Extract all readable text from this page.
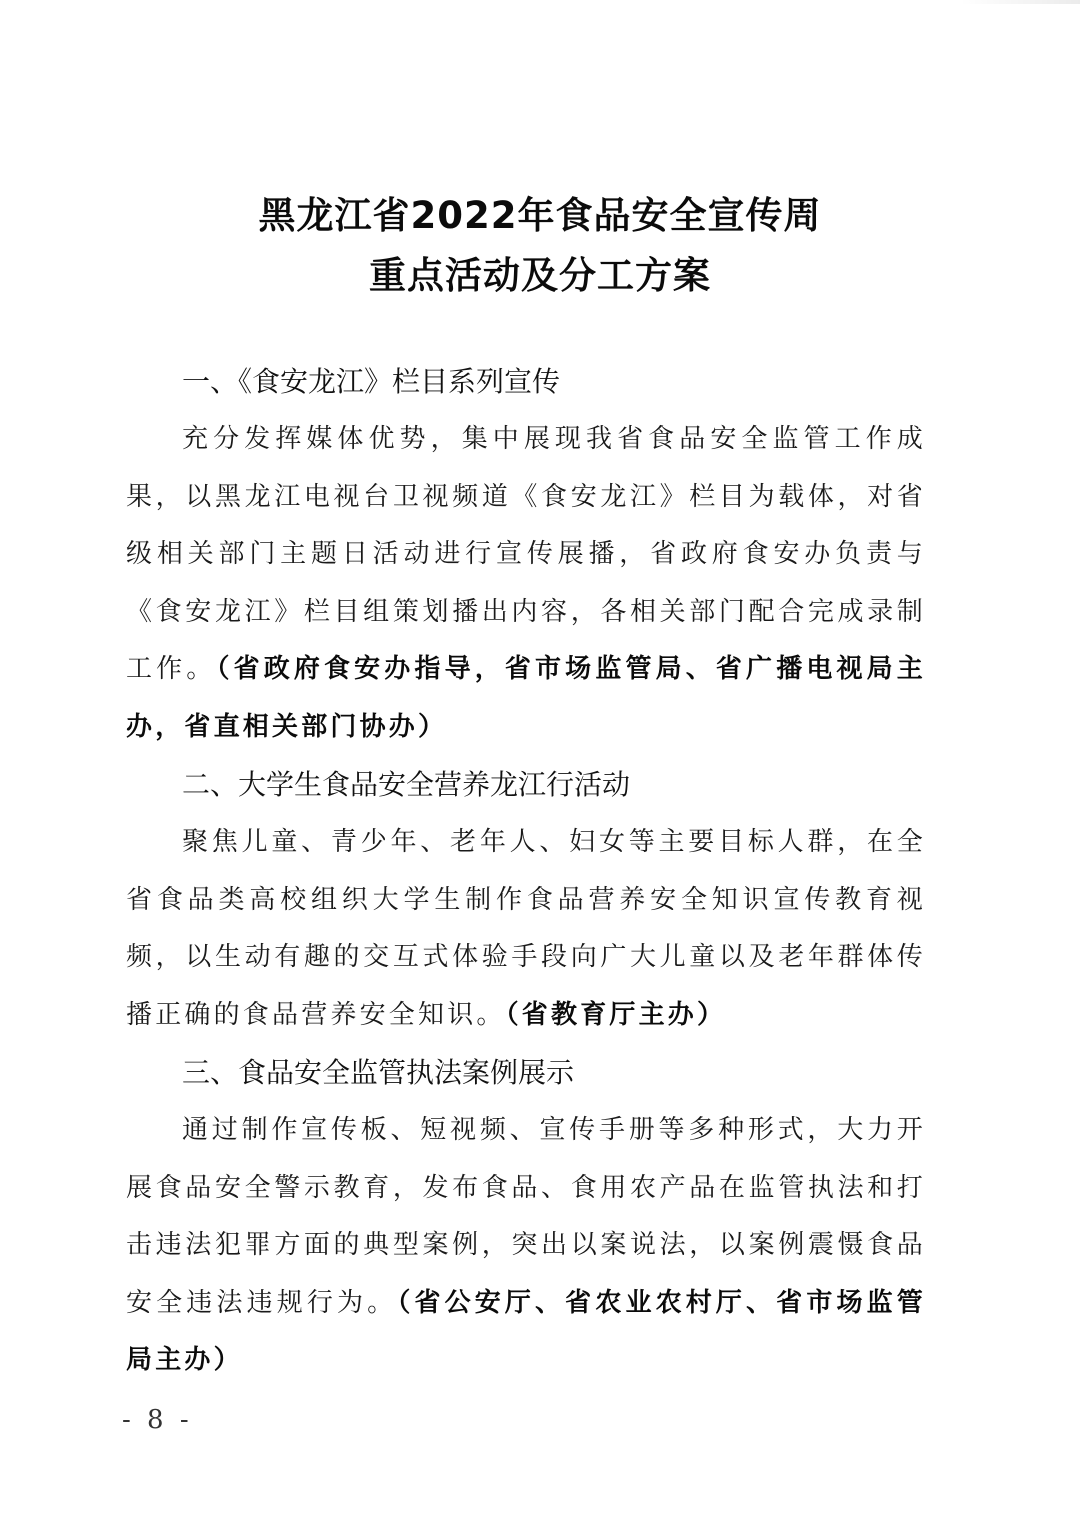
黑龙江省2022年食品安全宣传周
重点活动及分工方案

一、《食安龙江》栏目系列宣传

充分发挥媒体优势，集中展现我省食品安全监管工作成果，以黑龙江电视台卫视频道《食安龙江》栏目为载体，对省级相关部门主题日活动进行宣传展播，省政府食安办负责与《食安龙江》栏目组策划播出内容，各相关部门配合完成录制工作。（省政府食安办指导，省市场监管局、省广播电视局主办，省直相关部门协办）

二、大学生食品安全营养龙江行活动

聚焦儿童、青少年、老年人、妇女等主要目标人群，在全省食品类高校组织大学生制作食品营养安全知识宣传教育视频，以生动有趣的交互式体验手段向广大儿童以及老年群体传播正确的食品营养安全知识。（省教育厅主办）

三、食品安全监管执法案例展示

通过制作宣传板、短视频、宣传手册等多种形式，大力开展食品安全警示教育，发布食品、食用农产品在监管执法和打击违法犯罪方面的典型案例，突出以案说法，以案例震慑食品安全违法违规行为。（省公安厅、省农业农村厅、省市场监管局主办）

- 8 -
